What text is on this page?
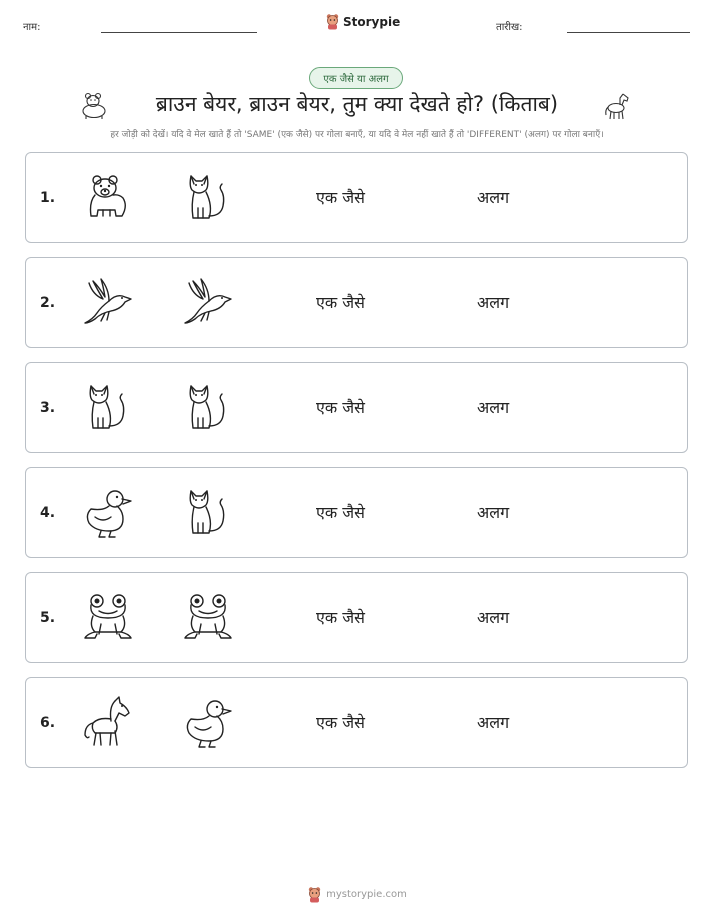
नाम:	Storypie	तारीख:
एक जैसे या अलग
ब्राउन बेयर, ब्राउन बेयर, तुम क्या देखते हो? (किताब)
हर जोड़ी को देखें। यदि वे मेल खाते हैं तो 'SAME' (एक जैसे) पर गोला बनाएँ, या यदि वे मेल नहीं खाते हैं तो 'DIFFERENT' (अलग) पर गोला बनाएँ।
1.	एक जैसे	अलग
2.	एक जैसे	अलग
3.	एक जैसे	अलग
4.	एक जैसे	अलग
5.	एक जैसे	अलग
6.	एक जैसे	अलग
mystorypie.com
